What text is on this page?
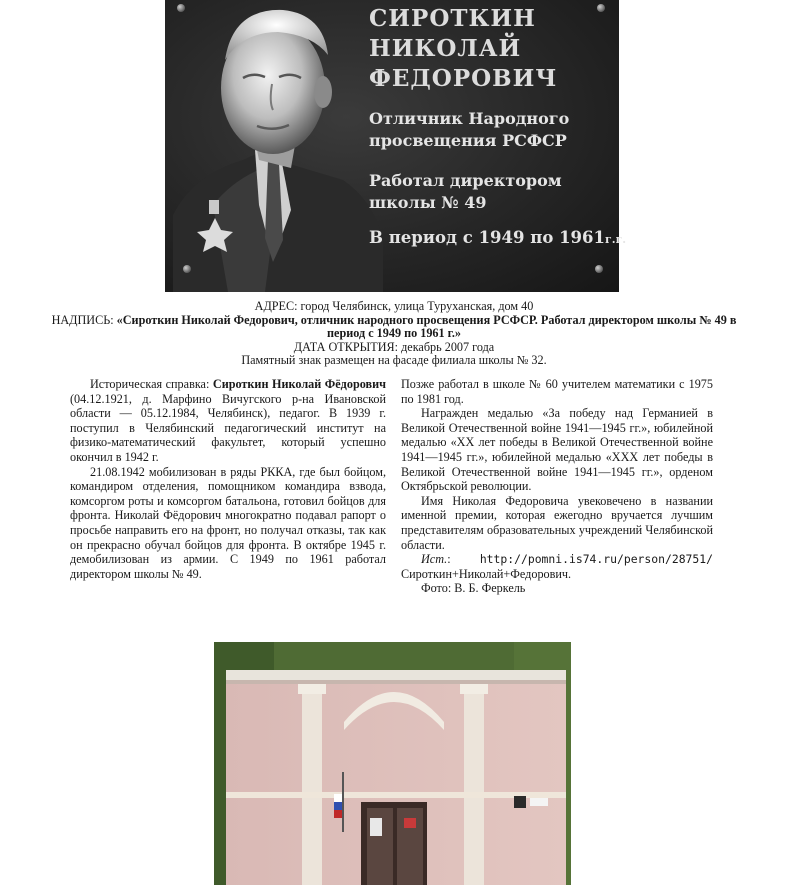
СИРОТКИН
НИКОЛАЙ
ФЕДОРОВИЧ
Отличник Народного
просвещения РСФСР
Работал директором
школы № 49
В период с 1949 по 1961г.г.
АДРЕС: город Челябинск, улица Туруханская, дом 40
НАДПИСЬ: «Сироткин Николай Федорович, отличник народного просвещения РСФСР. Работал директором школы № 49 в период с 1949 по 1961 г.»
ДАТА ОТКРЫТИЯ: декабрь 2007 года
Памятный знак размещен на фасаде филиала школы № 32.

Историческая справка: Сироткин Николай Фёдорович (04.12.1921, д. Марфино Вичугского р-на Ивановской области — 05.12.1984, Челябинск), педагог. В 1939 г. поступил в Челябинский педагогический институт на физико-математический факультет, который успешно окончил в 1942 г.

21.08.1942 мобилизован в ряды РККА, где был бойцом, командиром отделения, помощником командира взвода, комсоргом роты и комсоргом батальона, готовил бойцов для фронта. Николай Фёдорович многократно подавал рапорт о просьбе направить его на фронт, но получал отказы, так как он прекрасно обучал бойцов для фронта. В октябре 1945 г. демобилизован из армии. С 1949 по 1961 работал директором школы № 49.

Позже работал в школе № 60 учителем математики с 1975 по 1981 год.

Награжден медалью «За победу над Германией в Великой Отечественной войне 1941—1945 гг.», юбилейной медалью «XX лет победы в Великой Отечественной войне 1941—1945 гг.», юбилейной медалью «XXX лет победы в Великой Отечественной войне 1941—1945 гг.», орденом Октябрьской революции.

Имя Николая Федоровича увековечено в названии именной премии, которая ежегодно вручается лучшим представителям образовательных учреждений Челябинской области.

Ист.: http://pomni.is74.ru/person/28751/ Сироткин+Николай+Федорович.

Фото: В. Б. Феркель
